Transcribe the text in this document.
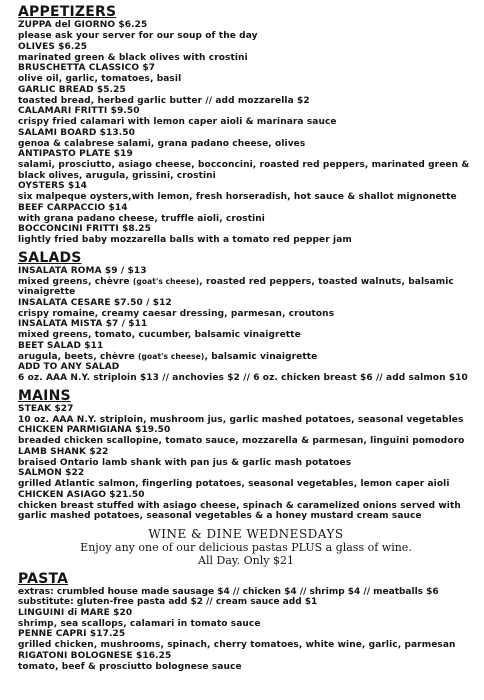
APPETIZERS
ZUPPA del GIORNO $6.25
please ask your server for our soup of the day
OLIVES $6.25
marinated green & black olives with crostini
BRUSCHETTA CLASSICO $7
olive oil, garlic, tomatoes, basil
GARLIC BREAD $5.25
toasted bread, herbed garlic butter // add mozzarella $2
CALAMARI FRITTI $9.50
crispy fried calamari with lemon caper aioli & marinara sauce
SALAMI BOARD $13.50
genoa & calabrese salami, grana padano cheese, olives
ANTIPASTO PLATE $19
salami, prosciutto, asiago cheese, bocconcini, roasted red peppers, marinated green & black olives, arugula, grissini, crostini
OYSTERS $14
six malpeque oysters,with lemon, fresh horseradish, hot sauce & shallot mignonette
BEEF CARPACCIO $14
with grana padano cheese, truffle aioli, crostini
BOCCONCINI FRITTI $8.25
lightly fried baby mozzarella balls with a tomato red pepper jam
SALADS
INSALATA ROMA $9 / $13
mixed greens, chèvre (goat's cheese), roasted red peppers, toasted walnuts, balsamic vinaigrette
INSALATA CESARE $7.50 / $12
crispy romaine, creamy caesar dressing, parmesan, croutons
INSALATA MISTA $7 / $11
mixed greens, tomato, cucumber, balsamic vinaigrette
BEET SALAD $11
arugula, beets, chèvre (goat's cheese), balsamic vinaigrette
ADD TO ANY SALAD
6 oz. AAA N.Y. striploin $13 // anchovies $2 // 6 oz. chicken breast $6 // add salmon $10
MAINS
STEAK $27
10 oz. AAA N.Y. striploin, mushroom jus, garlic mashed potatoes, seasonal vegetables
CHICKEN PARMIGIANA $19.50
breaded chicken scallopine, tomato sauce, mozzarella & parmesan, linguini pomodoro
LAMB SHANK $22
braised Ontario lamb shank with pan jus & garlic mash potatoes
SALMON $22
grilled Atlantic salmon, fingerling potatoes, seasonal vegetables, lemon caper aioli
CHICKEN ASIAGO $21.50
chicken breast stuffed with asiago cheese, spinach & caramelized onions served with garlic mashed potatoes, seasonal vegetables & a honey mustard cream sauce
WINE & DINE WEDNESDAYS
Enjoy any one of our delicious pastas PLUS a glass of wine.
All Day. Only $21
PASTA
extras: crumbled house made sausage $4 // chicken $4 // shrimp $4 // meatballs $6
substitute: gluten-free pasta add $2 // cream sauce add $1
LINGUINI di MARE $20
shrimp, sea scallops, calamari in tomato sauce
PENNE CAPRI $17.25
grilled chicken, mushrooms, spinach, cherry tomatoes, white wine, garlic, parmesan
RIGATONI BOLOGNESE $16.25
tomato, beef & prosciutto bolognese sauce
